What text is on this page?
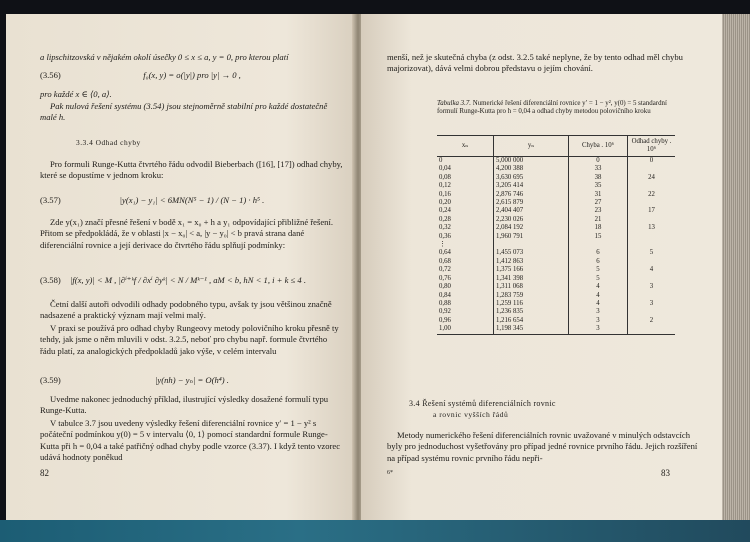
a lipschitzovská v nějakém okolí úsečky 0 ≤ x ≤ a, y = 0, pro kterou platí
(3.56)	f₀(x, y) = o(|y|) pro |y| → 0 ,
pro každé x ∈ ⟨0, a⟩.

Pak nulová řešení systému (3.54) jsou stejnoměrně stabilní pro každé dostatečně malé h.

3.3.4 Odhad chyby

Pro formuli Runge-Kutta čtvrtého řádu odvodil Bieberbach ([16], [17]) odhad chyby, které se dopustíme v jednom kroku:

(3.57)	|y(x₁) − y₁| < 6MN(N⁵ − 1) / (N − 1) · h⁵ .

Zde y(x₁) značí přesné řešení v bodě x₁ = x₀ + h a y₁ odpovídající přibližné řešení. Přitom se předpokládá, že v oblasti |x − x₀| < a, |y − y₀| < b pravá strana dané diferenciální rovnice a její derivace do čtvrtého řádu splňují podmínky:

(3.58) |f(x, y)| < M , |∂ⁱ⁺ᵏf / ∂xⁱ ∂yᵏ| < N / Mᵏ⁻¹ , aM < b, hN < 1, i + k ≤ 4 .

Četní další autoři odvodili odhady podobného typu, avšak ty jsou většinou značně nadsazené a praktický význam mají velmi malý.

V praxi se používá pro odhad chyby Rungeovy metody polovičního kroku přesně ty tehdy, jak jsme o něm mluvili v odst. 3.2.5, neboť pro chybu např. formule čtvrtého řádu platí, za analogických předpokladů jako výše, v celém intervalu

(3.59)	|y(nh) − yₙ| = O(h⁴) .

Uvedme nakonec jednoduchý příklad, ilustrující výsledky dosažené formulí typu Runge-Kutta.

V tabulce 3.7 jsou uvedeny výsledky řešení diferenciální rovnice y′ = 1 − y² s počáteční podmínkou y(0) = 5 v intervalu ⟨0, 1⟩ pomocí standardní formule Runge-Kutta při h = 0,04 a také patřičný odhad chyby podle vzorce (3.37). I když tento vzorec udává hodnoty poněkud

82
menší, než je skutečná chyba (z odst. 3.2.5 také neplyne, že by tento odhad měl chybu majorizovat), dává velmi dobrou představu o jejím chování.
Tabulka 3.7. Numerické řešení diferenciální rovnice y′ = 1 − y², y(0) = 5 standardní formulí Runge-Kutta pro h = 0,04 a odhad chyby metodou polovičního kroku
xₙ	yₙ	Chyba . 10⁶	Odhad chyby . 10⁶
0	5,000 000	0	0
0,04	4,200 388	33	
0,08	3,630 695	38	24
0,12	3,205 414	35	
0,16	2,876 746	31	22
0,20	2,615 879	27	
0,24	2,404 407	23	17
0,28	2,230 026	21	
0,32	2,084 192	18	13
0,36	1,960 791	15	
⋮			
0,64	1,455 073	6	5
0,68	1,412 863	6	
0,72	1,375 166	5	4
0,76	1,341 398	5	
0,80	1,311 068	4	3
0,84	1,283 759	4	
0,88	1,259 116	4	3
0,92	1,236 835	3	
0,96	1,216 654	3	2
1,00	1,198 345	3	
3.4 Řešení systémů diferenciálních rovnic
a rovnic vyšších řádů
Metody numerického řešení diferenciálních rovnic uvažované v minulých odstavcích byly pro jednoduchost vyšetřovány pro případ jedné rovnice prvního řádu. Jejich rozšíření na případ systému rovnic prvního řádu nepři-
6*	83
